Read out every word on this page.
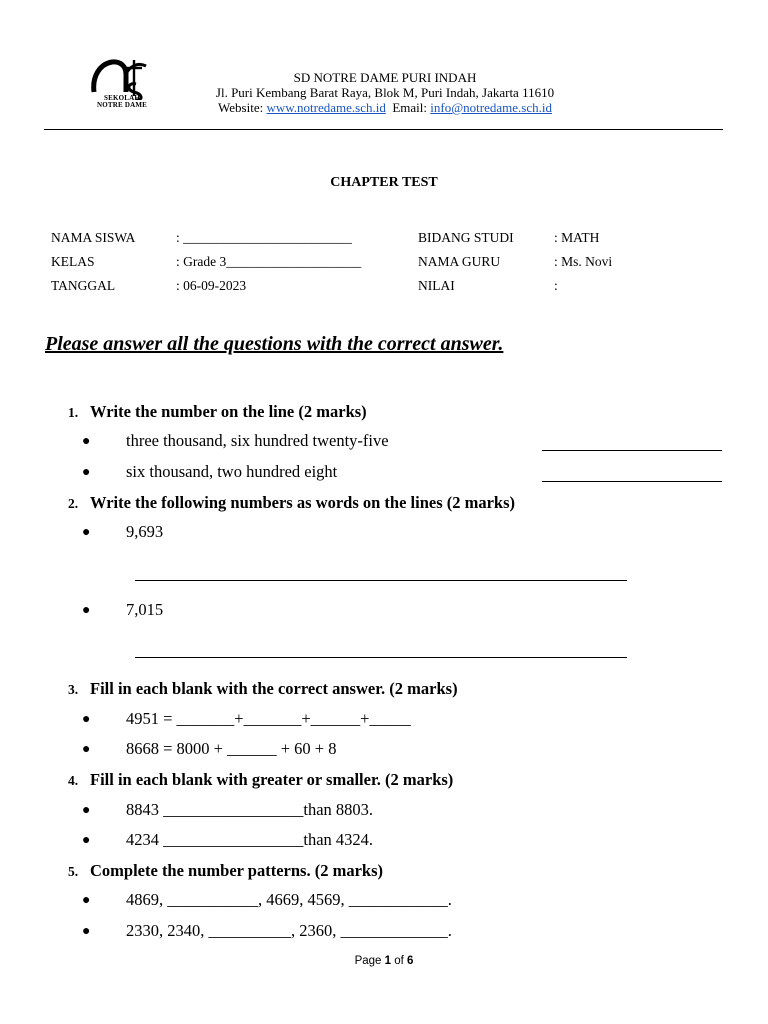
SEKOLAH
NOTRE DAME
SD NOTRE DAME PURI INDAH
Jl. Puri Kembang Barat Raya, Blok M, Puri Indah, Jakarta 11610
Website: www.notredame.sch.id Email: info@notredame.sch.id
CHAPTER TEST
NAMA SISWA	: _________________________
KELAS	: Grade 3____________________
TANGGAL	: 06-09-2023
BIDANG STUDI	: MATH
NAMA GURU	: Ms. Novi
NILAI	:
Please answer all the questions with the correct answer.
1. Write the number on the line (2 marks)
● three thousand, six hundred twenty-five
● six thousand, two hundred eight
2. Write the following numbers as words on the lines (2 marks)
● 9,693
● 7,015
3. Fill in each blank with the correct answer. (2 marks)
● 4951 = _______+_______+______+_____
● 8668 = 8000 + ______ + 60 + 8
4. Fill in each blank with greater or smaller. (2 marks)
● 8843 _________________than 8803.
● 4234 _________________than 4324.
5. Complete the number patterns. (2 marks)
● 4869, ___________, 4669, 4569, ____________.
● 2330, 2340, __________, 2360, _____________.
Page 1 of 6
